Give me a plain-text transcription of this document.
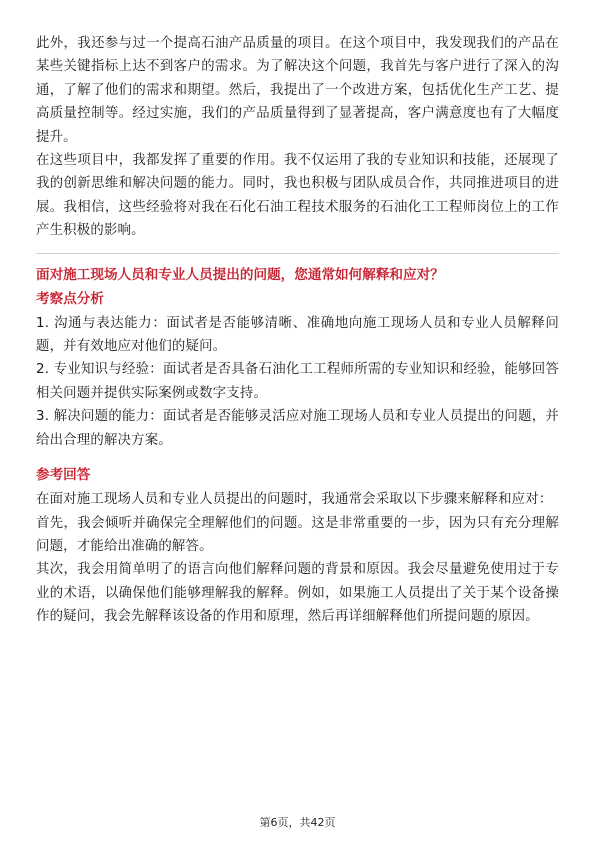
此外，我还参与过一个提高石油产品质量的项目。在这个项目中，我发现我们的产品在某些关键指标上达不到客户的需求。为了解决这个问题，我首先与客户进行了深入的沟通，了解了他们的需求和期望。然后，我提出了一个改进方案，包括优化生产工艺、提高质量控制等。经过实施，我们的产品质量得到了显著提高，客户满意度也有了大幅度提升。

在这些项目中，我都发挥了重要的作用。我不仅运用了我的专业知识和技能，还展现了我的创新思维和解决问题的能力。同时，我也积极与团队成员合作，共同推进项目的进展。我相信，这些经验将对我在石化石油工程技术服务的石油化工工程师岗位上的工作产生积极的影响。

面对施工现场人员和专业人员提出的问题，您通常如何解释和应对？

考察点分析

1. 沟通与表达能力：面试者是否能够清晰、准确地向施工现场人员和专业人员解释问题，并有效地应对他们的疑问。

2. 专业知识与经验：面试者是否具备石油化工工程师所需的专业知识和经验，能够回答相关问题并提供实际案例或数字支持。

3. 解决问题的能力：面试者是否能够灵活应对施工现场人员和专业人员提出的问题，并给出合理的解决方案。

参考回答

在面对施工现场人员和专业人员提出的问题时，我通常会采取以下步骤来解释和应对：

首先，我会倾听并确保完全理解他们的问题。这是非常重要的一步，因为只有充分理解问题，才能给出准确的解答。

其次，我会用简单明了的语言向他们解释问题的背景和原因。我会尽量避免使用过于专业的术语，以确保他们能够理解我的解释。例如，如果施工人员提出了关于某个设备操作的疑问，我会先解释该设备的作用和原理，然后再详细解释他们所提问题的原因。

第6页，共42页
